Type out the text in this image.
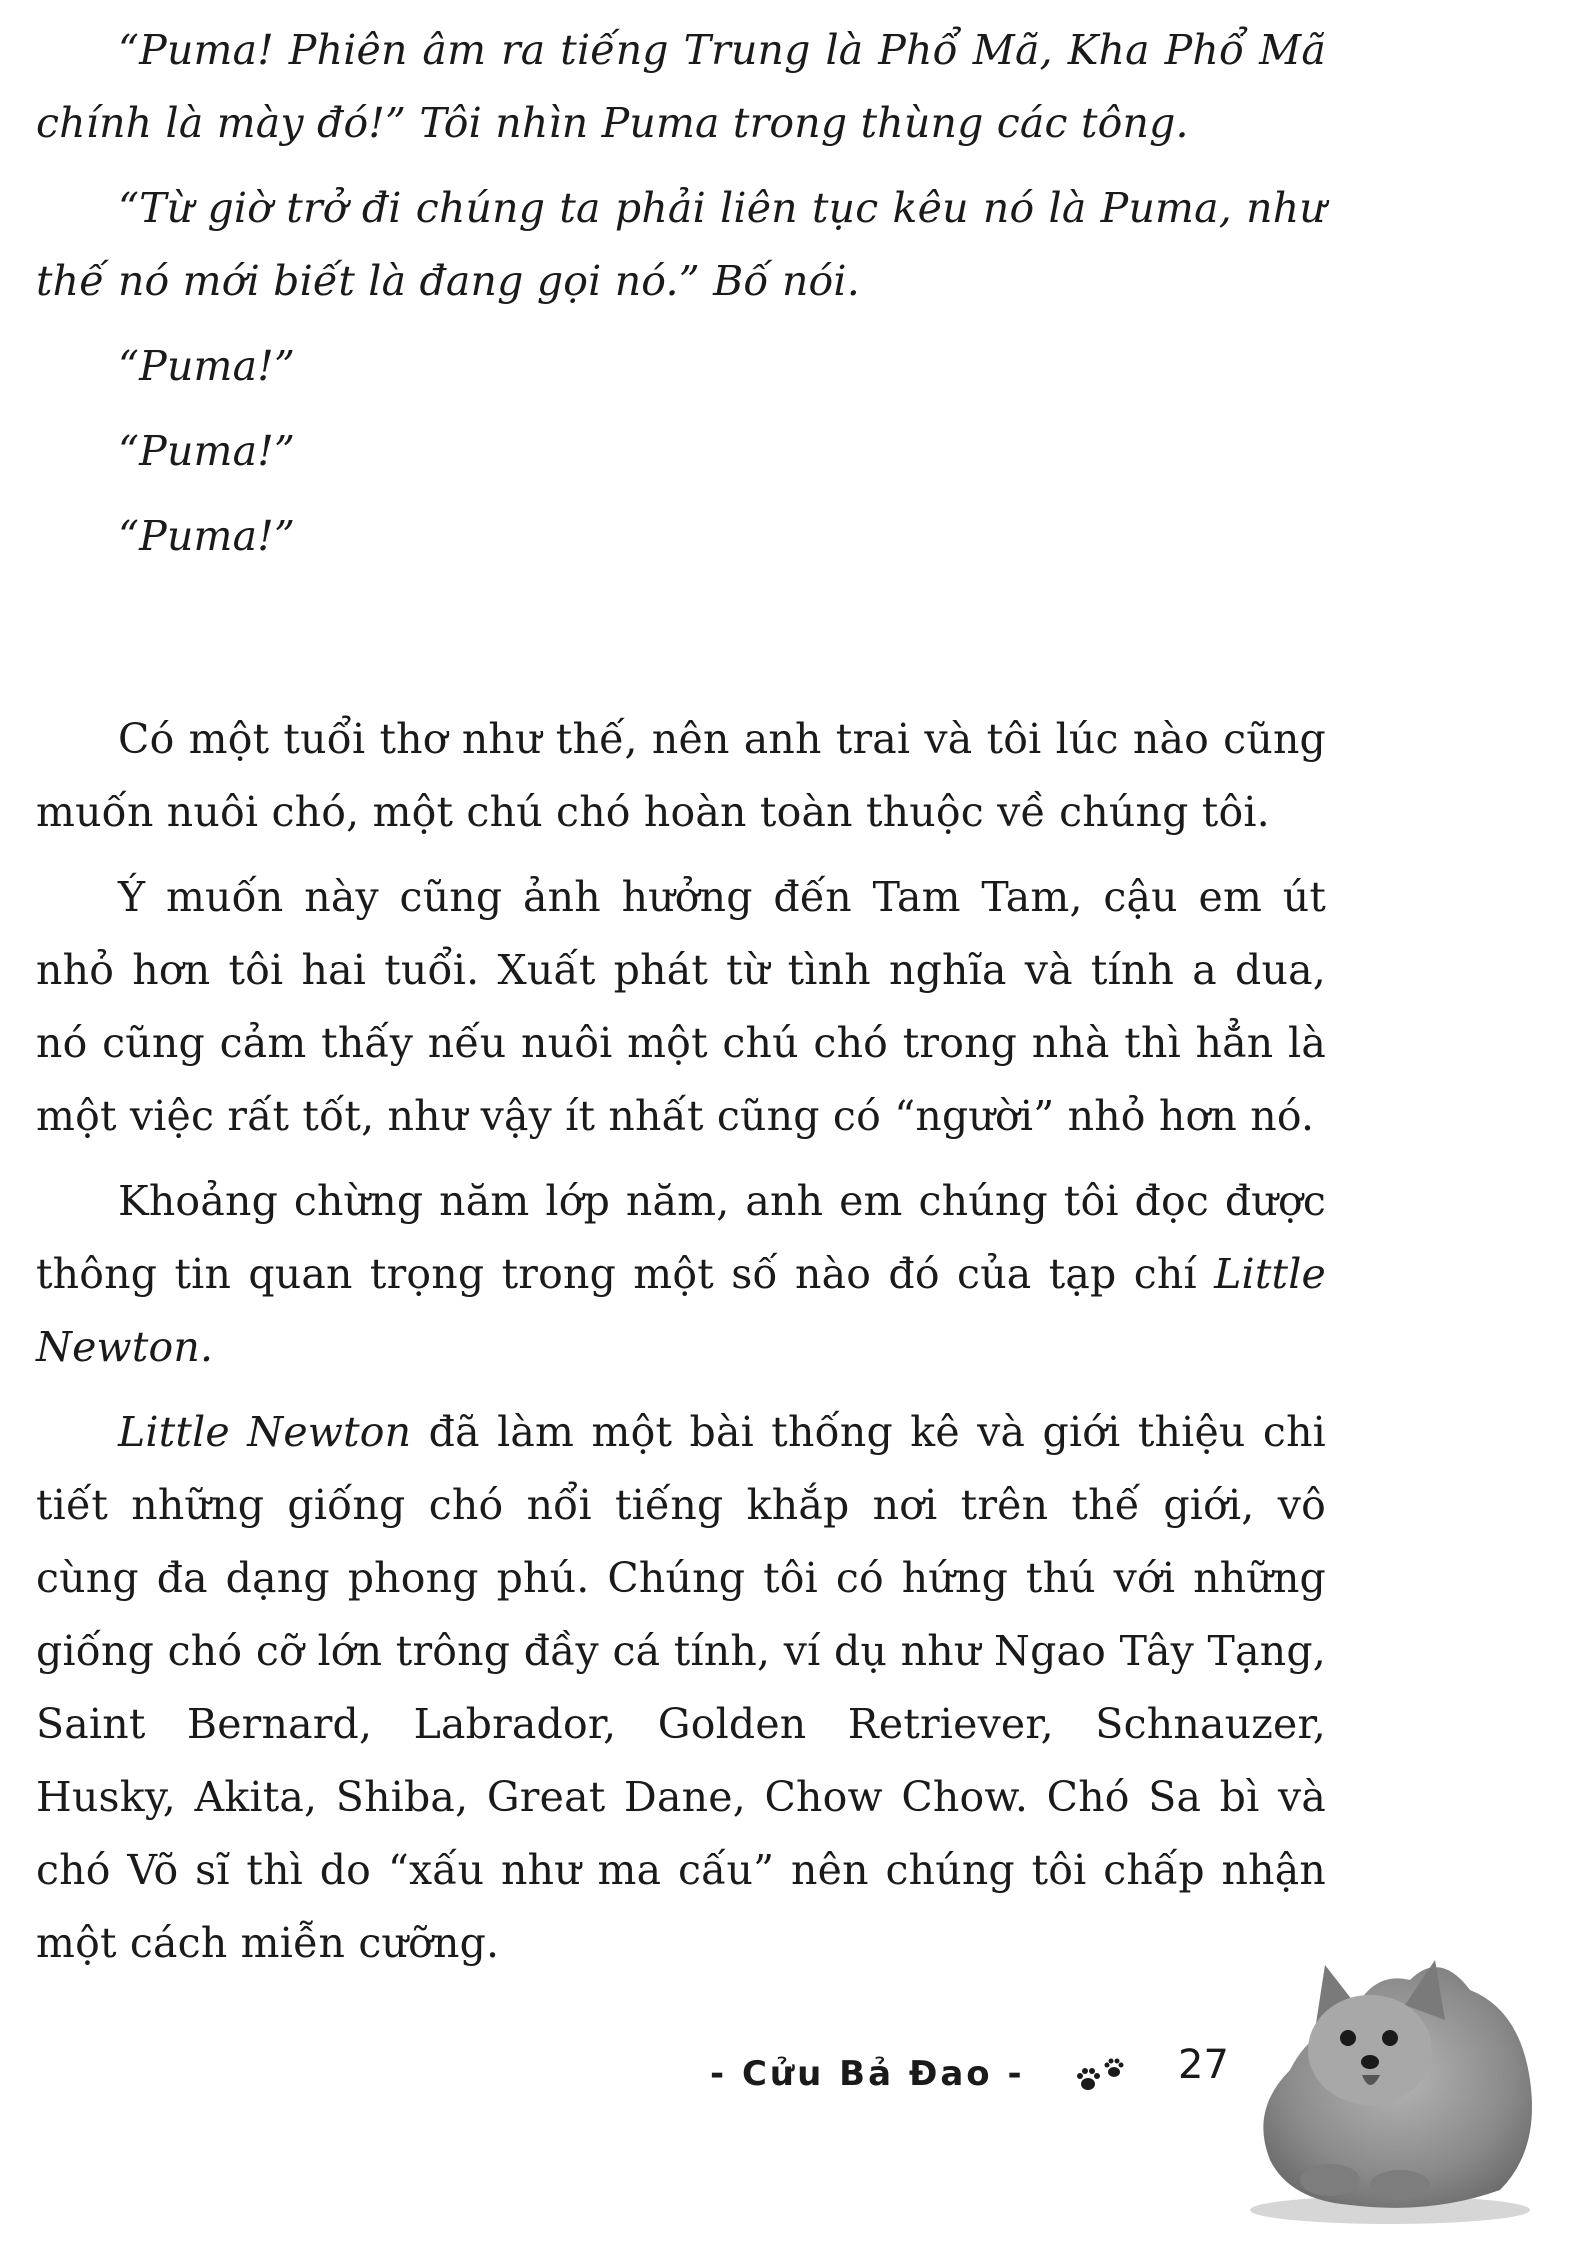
“Puma! Phiên âm ra tiếng Trung là Phổ Mã, Kha Phổ Mã chính là mày đó!” Tôi nhìn Puma trong thùng các tông.

“Từ giờ trở đi chúng ta phải liên tục kêu nó là Puma, như thế nó mới biết là đang gọi nó.” Bố nói.

“Puma!”

“Puma!”

“Puma!”

Có một tuổi thơ như thế, nên anh trai và tôi lúc nào cũng muốn nuôi chó, một chú chó hoàn toàn thuộc về chúng tôi.

Ý muốn này cũng ảnh hưởng đến Tam Tam, cậu em út nhỏ hơn tôi hai tuổi. Xuất phát từ tình nghĩa và tính a dua, nó cũng cảm thấy nếu nuôi một chú chó trong nhà thì hẳn là một việc rất tốt, như vậy ít nhất cũng có “người” nhỏ hơn nó.

Khoảng chừng năm lớp năm, anh em chúng tôi đọc được thông tin quan trọng trong một số nào đó của tạp chí Little Newton.

Little Newton đã làm một bài thống kê và giới thiệu chi tiết những giống chó nổi tiếng khắp nơi trên thế giới, vô cùng đa dạng phong phú. Chúng tôi có hứng thú với những giống chó cỡ lớn trông đầy cá tính, ví dụ như Ngao Tây Tạng, Saint Bernard, Labrador, Golden Retriever, Schnauzer, Husky, Akita, Shiba, Great Dane, Chow Chow. Chó Sa bì và chó Võ sĩ thì do “xấu như ma cấu” nên chúng tôi chấp nhận một cách miễn cưỡng.

- Cửu Bả Đao -	27
